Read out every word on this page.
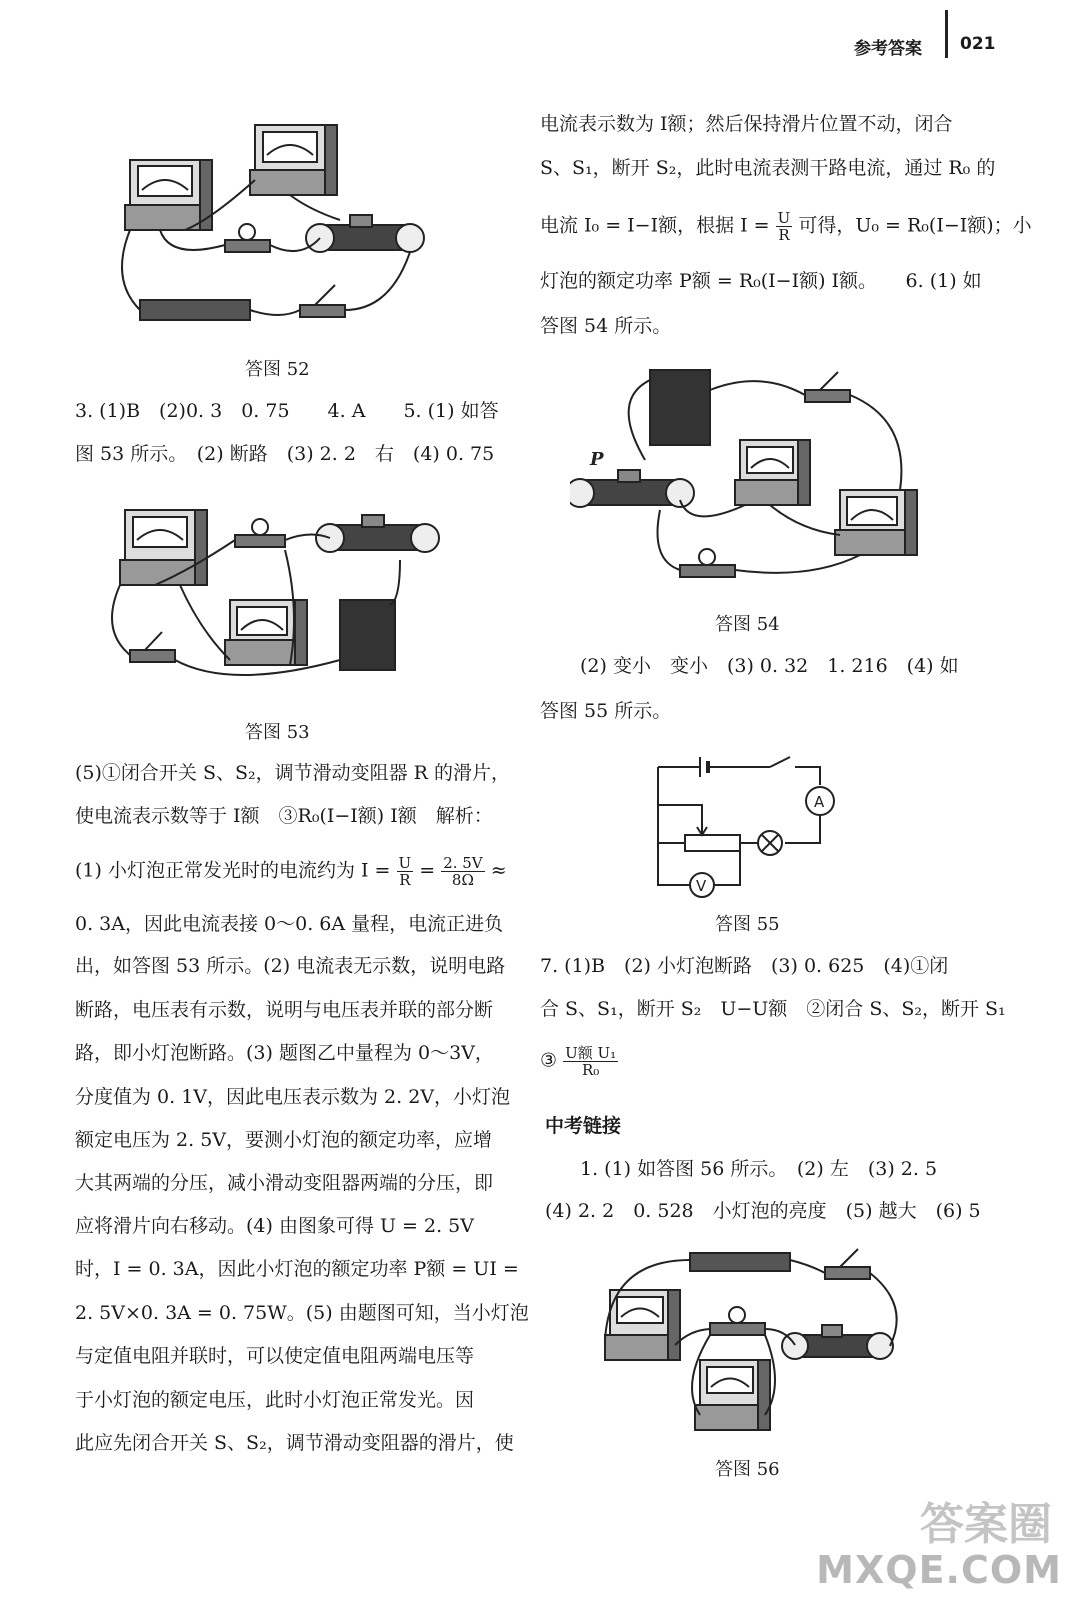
参考答案 021
答图 52
3. (1)B　(2)0. 3　0. 75　　4. A　　5. (1) 如答
图 53 所示。　(2) 断路　(3) 2. 2　右　(4) 0. 75
答图 53
(5)①闭合开关 S、S₂，调节滑动变阻器 R 的滑片，
使电流表示数等于 I额　③R₀(I−I额) I额　解析：
(1) 小灯泡正常发光时的电流约为 $I = \frac{U}{R} = \frac{2. 5V}{8\Omega}$ ≈
0. 3A，因此电流表接 0～0. 6A 量程，电流正进负
出，如答图 53 所示。(2) 电流表无示数，说明电路
断路，电压表有示数，说明与电压表并联的部分断
路，即小灯泡断路。(3) 题图乙中量程为 0～3V，
分度值为 0. 1V，因此电压表示数为 2. 2V，小灯泡
额定电压为 2. 5V，要测小灯泡的额定功率，应增
大其两端的分压，减小滑动变阻器两端的分压，即
应将滑片向右移动。(4) 由图象可得 U = 2. 5V
时，I = 0. 3A，因此小灯泡的额定功率 P额 = UI =
2. 5V×0. 3A = 0. 75W。(5) 由题图可知，当小灯泡
与定值电阻并联时，可以使定值电阻两端电压等
于小灯泡的额定电压，此时小灯泡正常发光。因
此应先闭合开关 S、S₂，调节滑动变阻器的滑片，使
电流表示数为 I额；然后保持滑片位置不动，闭合
S、S₁，断开 S₂，此时电流表测干路电流，通过 R₀ 的
电流 I₀ = I−I额，根据 $I = \frac{U}{R}$ 可得，U₀ = R₀(I−I额)；小
灯泡的额定功率 P额 = R₀(I−I额) I额。　　6. (1) 如
答图 54 所示。
P
答图 54
(2) 变小　变小　(3) 0. 32　1. 216　(4) 如
答图 55 所示。
A
V
答图 55
7. (1)B　(2) 小灯泡断路　(3) 0. 625　(4)①闭
合 S、S₁，断开 S₂　U−U额　②闭合 S、S₂，断开 S₁
③ $\frac{\text{U额 U₁}}{\text{R₀}}$
中考链接
1. (1) 如答图 56 所示。　(2) 左　(3) 2. 5
(4) 2. 2　0. 528　小灯泡的亮度　(5) 越大　(6) 5
答图 56
答案圈
MXQE.COM
